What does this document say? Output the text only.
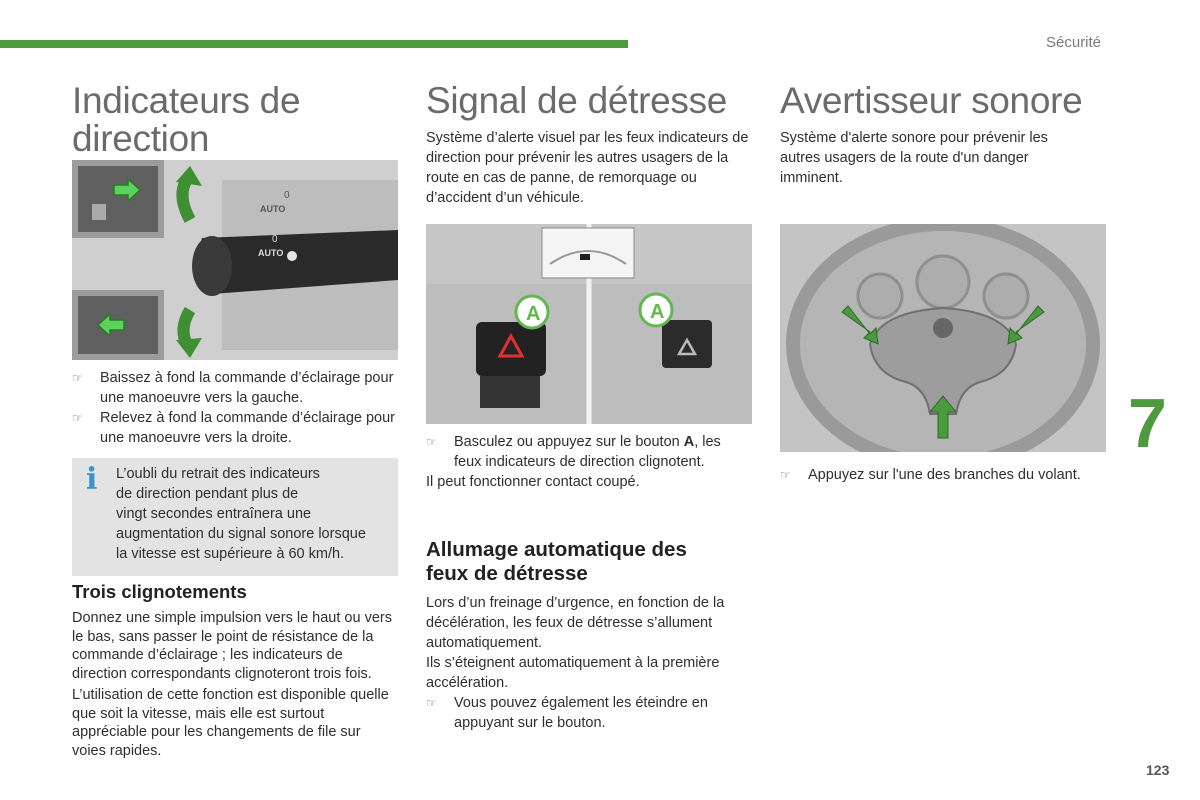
Sécurité
Indicateurs de
direction
AUTO
AUTO
0
0
☞ Baissez à fond la commande d’éclairage pour une manoeuvre vers la gauche.
☞ Relevez à fond la commande d’éclairage pour une manoeuvre vers la droite.
i L’oubli du retrait des indicateurs
de direction pendant plus de
vingt secondes entraînera une
augmentation du signal sonore lorsque
la vitesse est supérieure à 60 km/h.
Trois clignotements

Donnez une simple impulsion vers le haut ou vers le bas, sans passer le point de résistance de la commande d’éclairage ; les indicateurs de direction correspondants clignoteront trois fois.

L’utilisation de cette fonction est disponible quelle que soit la vitesse, mais elle est surtout appréciable pour les changements de file sur voies rapides.

Signal de détresse

Système d’alerte visuel par les feux indicateurs de direction pour prévenir les autres usagers de la route en cas de panne, de remorquage ou d’accident d’un véhicule.

A	A
☞ Basculez ou appuyez sur le bouton A, les feux indicateurs de direction clignotent.
Il peut fonctionner contact coupé.
Allumage automatique des
feux de détresse

Lors d’un freinage d’urgence, en fonction de la décélération, les feux de détresse s’allument automatiquement.

Ils s’éteignent automatiquement à la première accélération.

☞ Vous pouvez également les éteindre en appuyant sur le bouton.
Avertisseur sonore

Système d'alerte sonore pour prévenir les autres usagers de la route d'un danger imminent.

☞ Appuyez sur l'une des branches du volant.
7
123
